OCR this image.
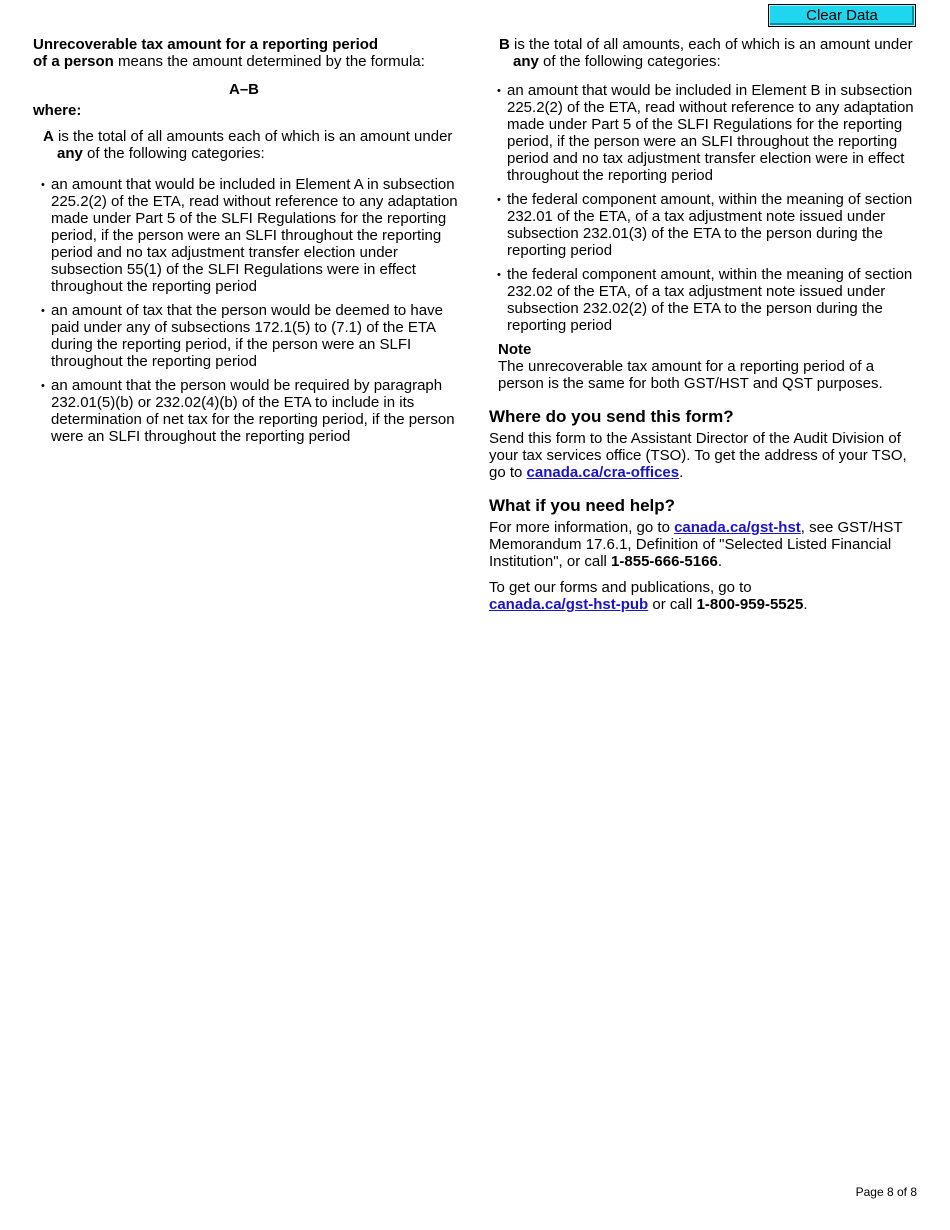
Clear Data

Unrecoverable tax amount for a reporting period
of a person means the amount determined by the formula:

A–B

where:

A is the total of all amounts each of which is an amount under any of the following categories:

• an amount that would be included in Element A in subsection 225.2(2) of the ETA, read without reference to any adaptation made under Part 5 of the SLFI Regulations for the reporting period, if the person were an SLFI throughout the reporting period and no tax adjustment transfer election under subsection 55(1) of the SLFI Regulations were in effect throughout the reporting period
• an amount of tax that the person would be deemed to have paid under any of subsections 172.1(5) to (7.1) of the ETA during the reporting period, if the person were an SLFI throughout the reporting period
• an amount that the person would be required by paragraph 232.01(5)(b) or 232.02(4)(b) of the ETA to include in its determination of net tax for the reporting period, if the person were an SLFI throughout the reporting period

B is the total of all amounts, each of which is an amount under any of the following categories:

• an amount that would be included in Element B in subsection 225.2(2) of the ETA, read without reference to any adaptation made under Part 5 of the SLFI Regulations for the reporting period, if the person were an SLFI throughout the reporting period and no tax adjustment transfer election were in effect throughout the reporting period
• the federal component amount, within the meaning of section 232.01 of the ETA, of a tax adjustment note issued under subsection 232.01(3) of the ETA to the person during the reporting period
• the federal component amount, within the meaning of section 232.02 of the ETA, of a tax adjustment note issued under subsection 232.02(2) of the ETA to the person during the reporting period

Note

The unrecoverable tax amount for a reporting period of a person is the same for both GST/HST and QST purposes.

Where do you send this form?

Send this form to the Assistant Director of the Audit Division of your tax services office (TSO). To get the address of your TSO, go to canada.ca/cra-offices.

What if you need help?

For more information, go to canada.ca/gst-hst, see GST/HST Memorandum 17.6.1, Definition of "Selected Listed Financial Institution", or call 1-855-666-5166.

To get our forms and publications, go to
canada.ca/gst-hst-pub or call 1-800-959-5525.

Page 8 of 8
